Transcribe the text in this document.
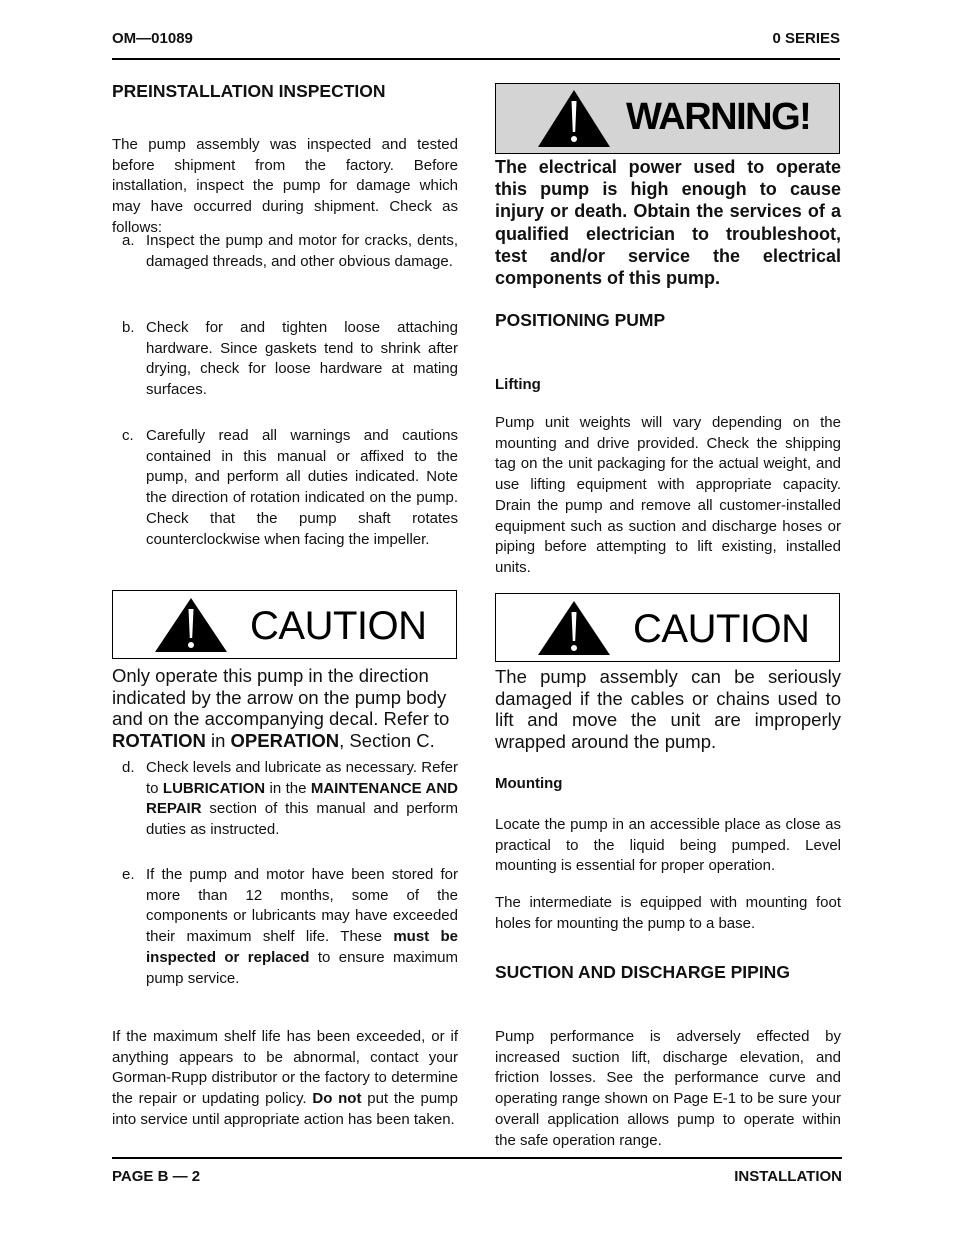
OM—01089	0 SERIES
PREINSTALLATION INSPECTION

The pump assembly was inspected and tested before shipment from the factory. Before installation, inspect the pump for damage which may have occurred during shipment. Check as follows:

a. Inspect the pump and motor for cracks, dents, damaged threads, and other obvious damage.
b. Check for and tighten loose attaching hardware. Since gaskets tend to shrink after drying, check for loose hardware at mating surfaces.
c. Carefully read all warnings and cautions contained in this manual or affixed to the pump, and perform all duties indicated. Note the direction of rotation indicated on the pump. Check that the pump shaft rotates counterclockwise when facing the impeller.
CAUTION

Only operate this pump in the direction indicated by the arrow on the pump body and on the accompanying decal. Refer to ROTATION in OPERATION, Section C.

d. Check levels and lubricate as necessary. Refer to LUBRICATION in the MAINTENANCE AND REPAIR section of this manual and perform duties as instructed.
e. If the pump and motor have been stored for more than 12 months, some of the components or lubricants may have exceeded their maximum shelf life. These must be inspected or replaced to ensure maximum pump service.

If the maximum shelf life has been exceeded, or if anything appears to be abnormal, contact your Gorman-Rupp distributor or the factory to determine the repair or updating policy. Do not put the pump into service until appropriate action has been taken.

WARNING!

The electrical power used to operate this pump is high enough to cause injury or death. Obtain the services of a qualified electrician to troubleshoot, test and/or service the electrical components of this pump.

POSITIONING PUMP
Lifting

Pump unit weights will vary depending on the mounting and drive provided. Check the shipping tag on the unit packaging for the actual weight, and use lifting equipment with appropriate capacity. Drain the pump and remove all customer-installed equipment such as suction and discharge hoses or piping before attempting to lift existing, installed units.

CAUTION

The pump assembly can be seriously damaged if the cables or chains used to lift and move the unit are improperly wrapped around the pump.

Mounting

Locate the pump in an accessible place as close as practical to the liquid being pumped. Level mounting is essential for proper operation.

The intermediate is equipped with mounting foot holes for mounting the pump to a base.

SUCTION AND DISCHARGE PIPING

Pump performance is adversely effected by increased suction lift, discharge elevation, and friction losses. See the performance curve and operating range shown on Page E-1 to be sure your overall application allows pump to operate within the safe operation range.

PAGE B — 2	INSTALLATION
